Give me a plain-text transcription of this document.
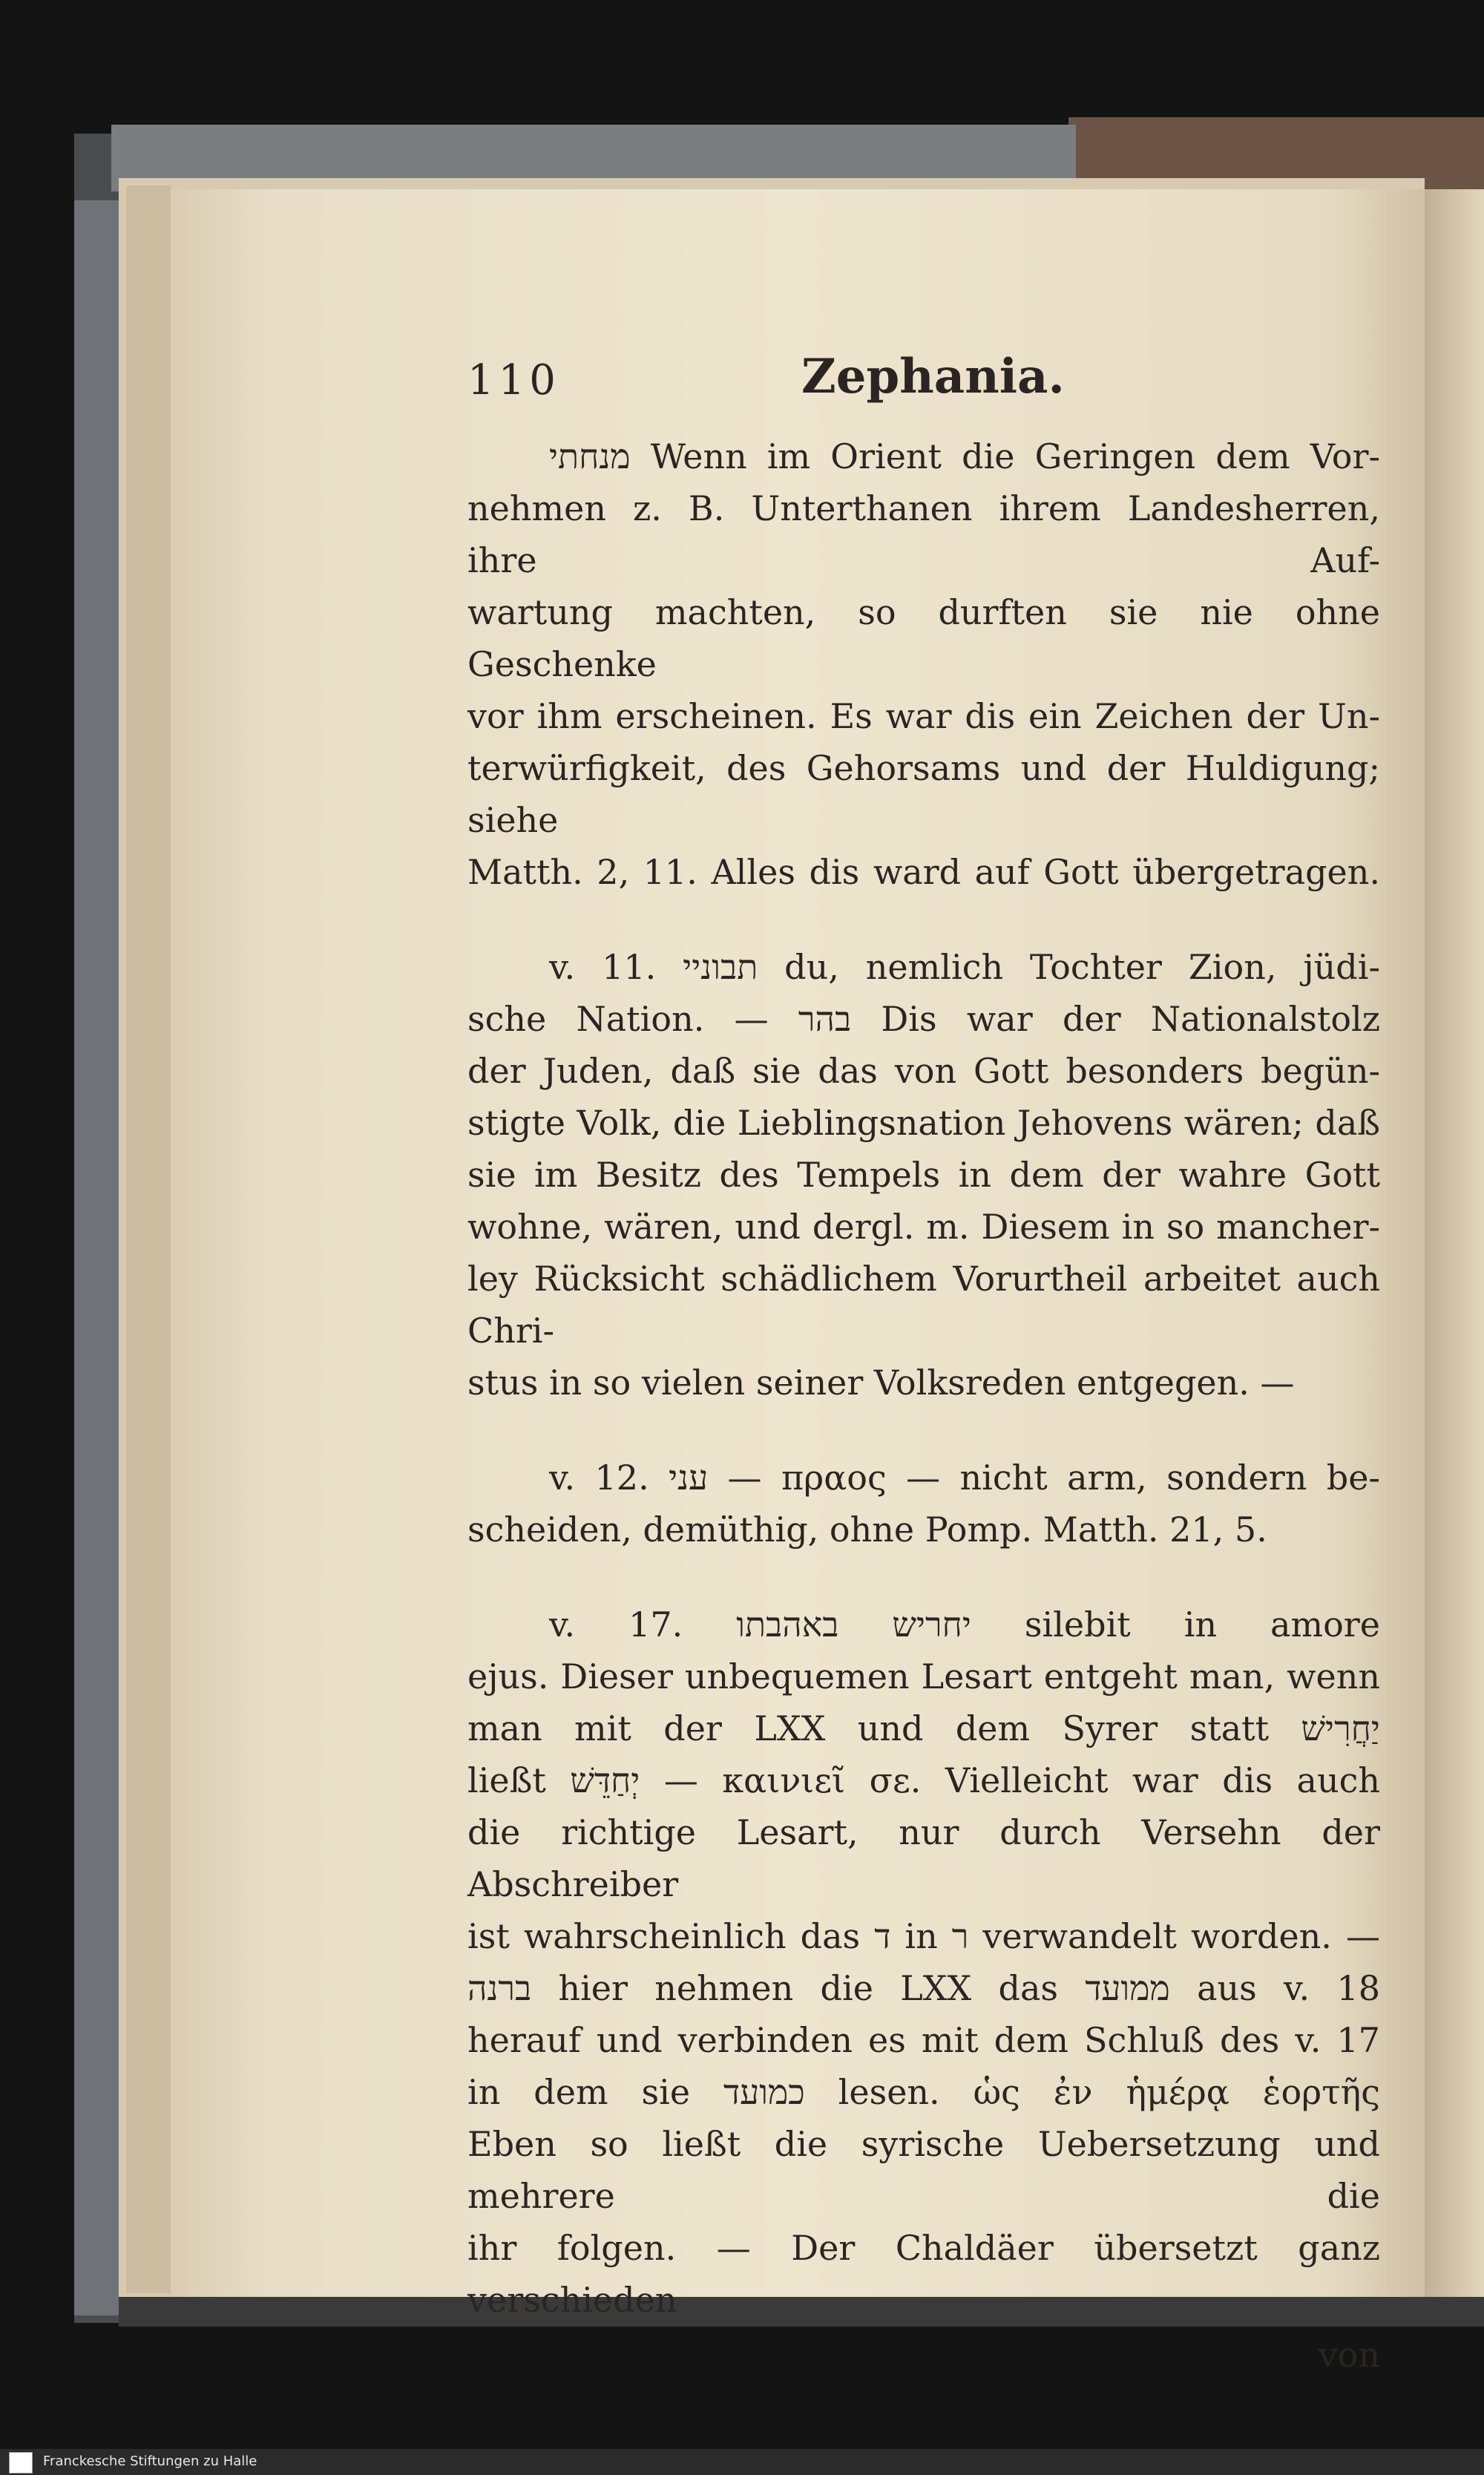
110	Zephania.

מנחתי Wenn im Orient die Geringen dem Vor-

nehmen z. B. Unterthanen ihrem Landesherren, ihre Auf-

wartung machten, so durften sie nie ohne Geschenke

vor ihm erscheinen. Es war dis ein Zeichen der Un-

terwürfigkeit, des Gehorsams und der Huldigung; siehe

Matth. 2, 11. Alles dis ward auf Gott übergetragen.

v. 11. תבוניי du, nemlich Tochter Zion, jüdi-

sche Nation. — בהר Dis war der Nationalstolz

der Juden, daß sie das von Gott besonders begün-

stigte Volk, die Lieblingsnation Jehovens wären; daß

sie im Besitz des Tempels in dem der wahre Gott

wohne, wären, und dergl. m. Diesem in so mancher-

ley Rücksicht schädlichem Vorurtheil arbeitet auch Chri-

stus in so vielen seiner Volksreden entgegen. —

v. 12. עני — πραος — nicht arm, sondern be-

scheiden, demüthig, ohne Pomp. Matth. 21, 5.

v. 17. יחריש באהבתו silebit in amore

ejus. Dieser unbequemen Lesart entgeht man, wenn

man mit der LXX und dem Syrer statt יַחֲרִישׁ

ließt יְחַדֵּשׁ — καινιεῖ σε. Vielleicht war dis auch

die richtige Lesart, nur durch Versehn der Abschreiber

ist wahrscheinlich das ד in ר verwandelt worden. —

ברנה hier nehmen die LXX das ממועד aus v. 18

herauf und verbinden es mit dem Schluß des v. 17

in dem sie כמועד lesen. ὡς ἐν ἡμέρᾳ ἑορτῆς

Eben so ließt die syrische Uebersetzung und mehrere die

ihr folgen. — Der Chaldäer übersetzt ganz verschieden

von
Franckesche Stiftungen zu Halle
